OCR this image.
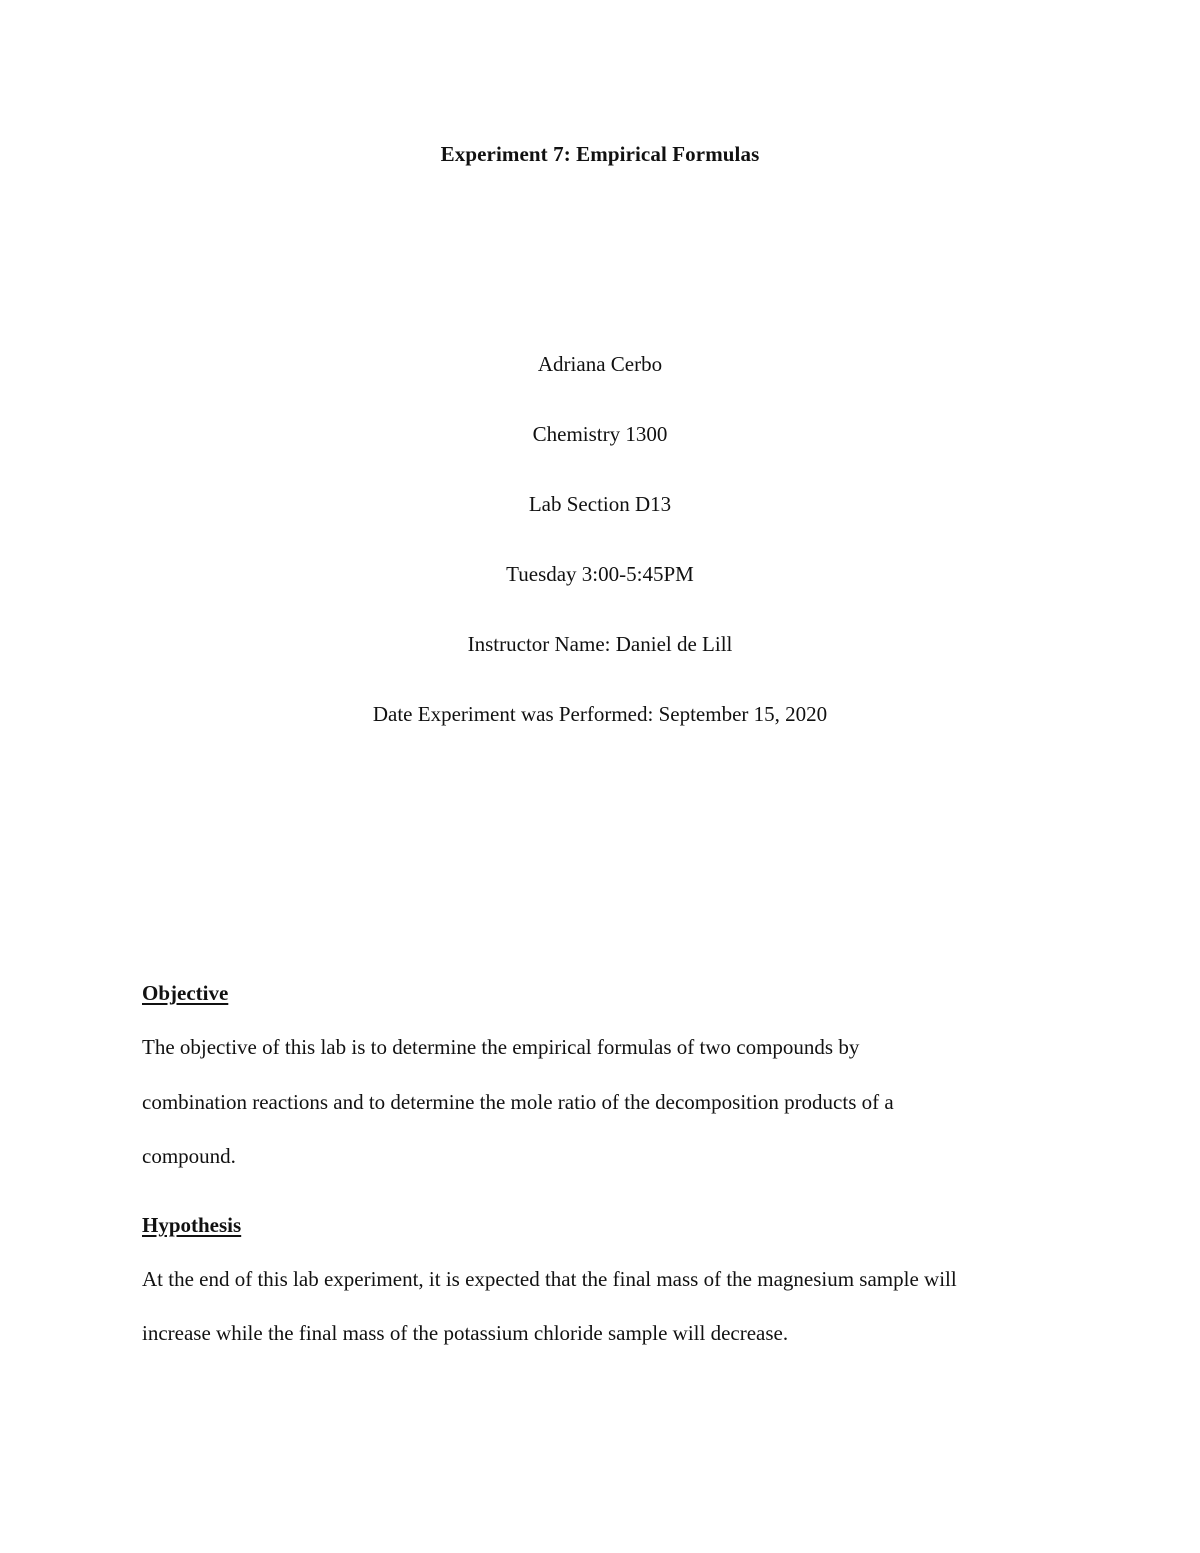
Experiment 7: Empirical Formulas
Adriana Cerbo
Chemistry 1300
Lab Section D13
Tuesday 3:00-5:45PM
Instructor Name: Daniel de Lill
Date Experiment was Performed: September 15, 2020
Objective
The objective of this lab is to determine the empirical formulas of two compounds by
combination reactions and to determine the mole ratio of the decomposition products of a
compound.
Hypothesis
At the end of this lab experiment, it is expected that the final mass of the magnesium sample will
increase while the final mass of the potassium chloride sample will decrease.
